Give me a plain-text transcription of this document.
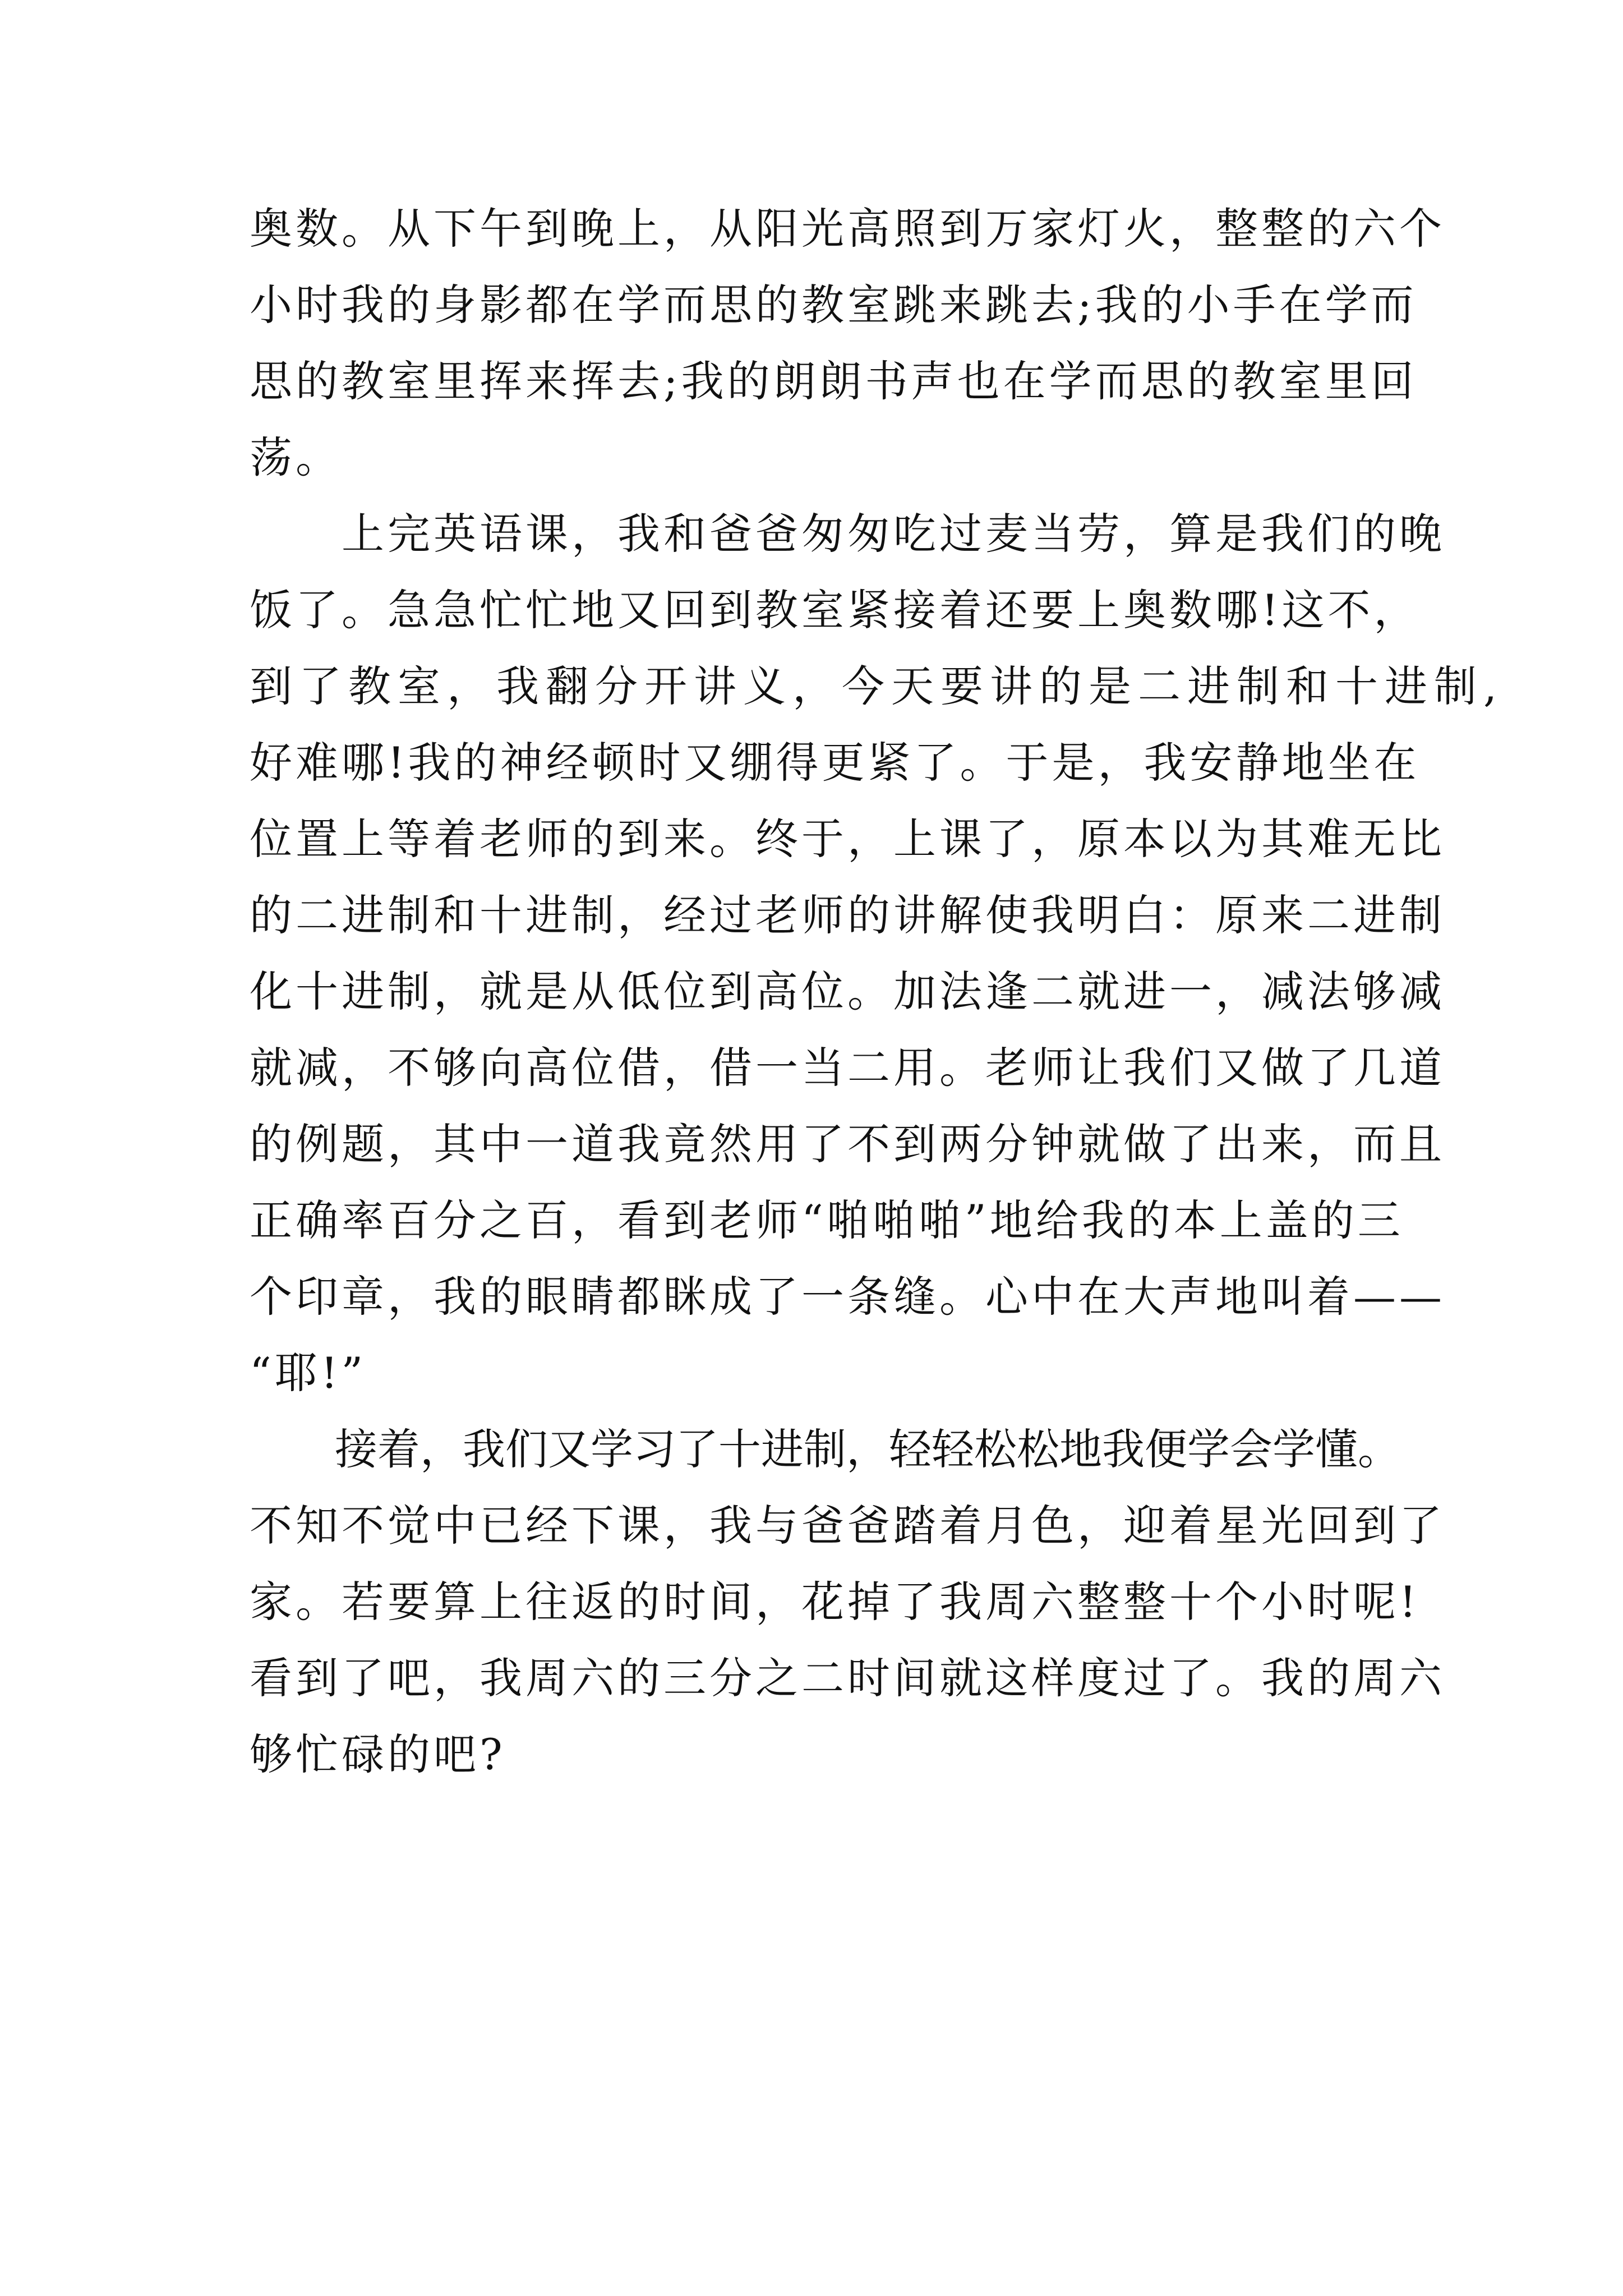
奥数。从下午到晚上，从阳光高照到万家灯火，整整的六个
小时我的身影都在学而思的教室跳来跳去;我的小手在学而
思的教室里挥来挥去;我的朗朗书声也在学而思的教室里回
荡。
　　上完英语课，我和爸爸匆匆吃过麦当劳，算是我们的晚
饭了。急急忙忙地又回到教室紧接着还要上奥数哪!这不，
到了教室，我翻分开讲义，今天要讲的是二进制和十进制,
好难哪!我的神经顿时又绷得更紧了。于是，我安静地坐在
位置上等着老师的到来。终于，上课了，原本以为其难无比
的二进制和十进制，经过老师的讲解使我明白：原来二进制
化十进制，就是从低位到高位。加法逢二就进一，减法够减
就减，不够向高位借，借一当二用。老师让我们又做了几道
的例题，其中一道我竟然用了不到两分钟就做了出来，而且
正确率百分之百，看到老师“啪啪啪”地给我的本上盖的三
个印章，我的眼睛都眯成了一条缝。心中在大声地叫着——
“耶!”
　　接着，我们又学习了十进制，轻轻松松地我便学会学懂。
不知不觉中已经下课，我与爸爸踏着月色，迎着星光回到了
家。若要算上往返的时间，花掉了我周六整整十个小时呢!
看到了吧，我周六的三分之二时间就这样度过了。我的周六
够忙碌的吧?
